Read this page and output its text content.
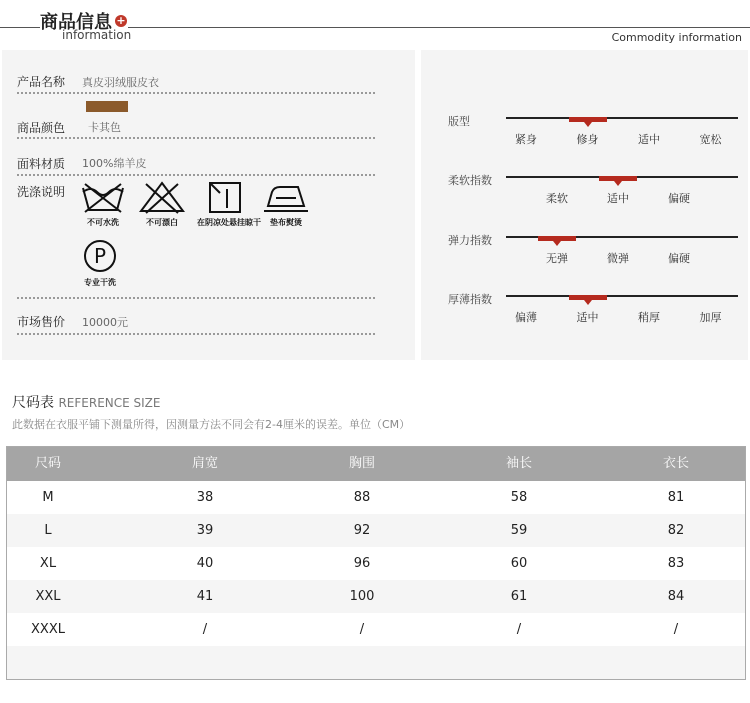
商品信息 +
information	Commodity information
产品名称 真皮羽绒服皮衣
商品颜色 卡其色
面料材质 100%绵羊皮
洗涤说明
不可水洗	不可漂白	在阴凉处悬挂晾干	垫布熨烫
P
专业干洗
市场售价 10000元
版型
紧身	修身	适中	宽松
柔软指数
柔软	适中	偏硬
弹力指数
无弹	微弹	偏硬
厚薄指数
偏薄	适中	稍厚	加厚
尺码表 REFERENCE SIZE
此数据在衣服平铺下测量所得，因测量方法不同会有2-4厘米的误差。单位（CM）
尺码	肩宽	胸围	袖长	衣长
M	38	88	58	81
L	39	92	59	82
XL	40	96	60	83
XXL	41	100	61	84
XXXL	/	/	/	/
